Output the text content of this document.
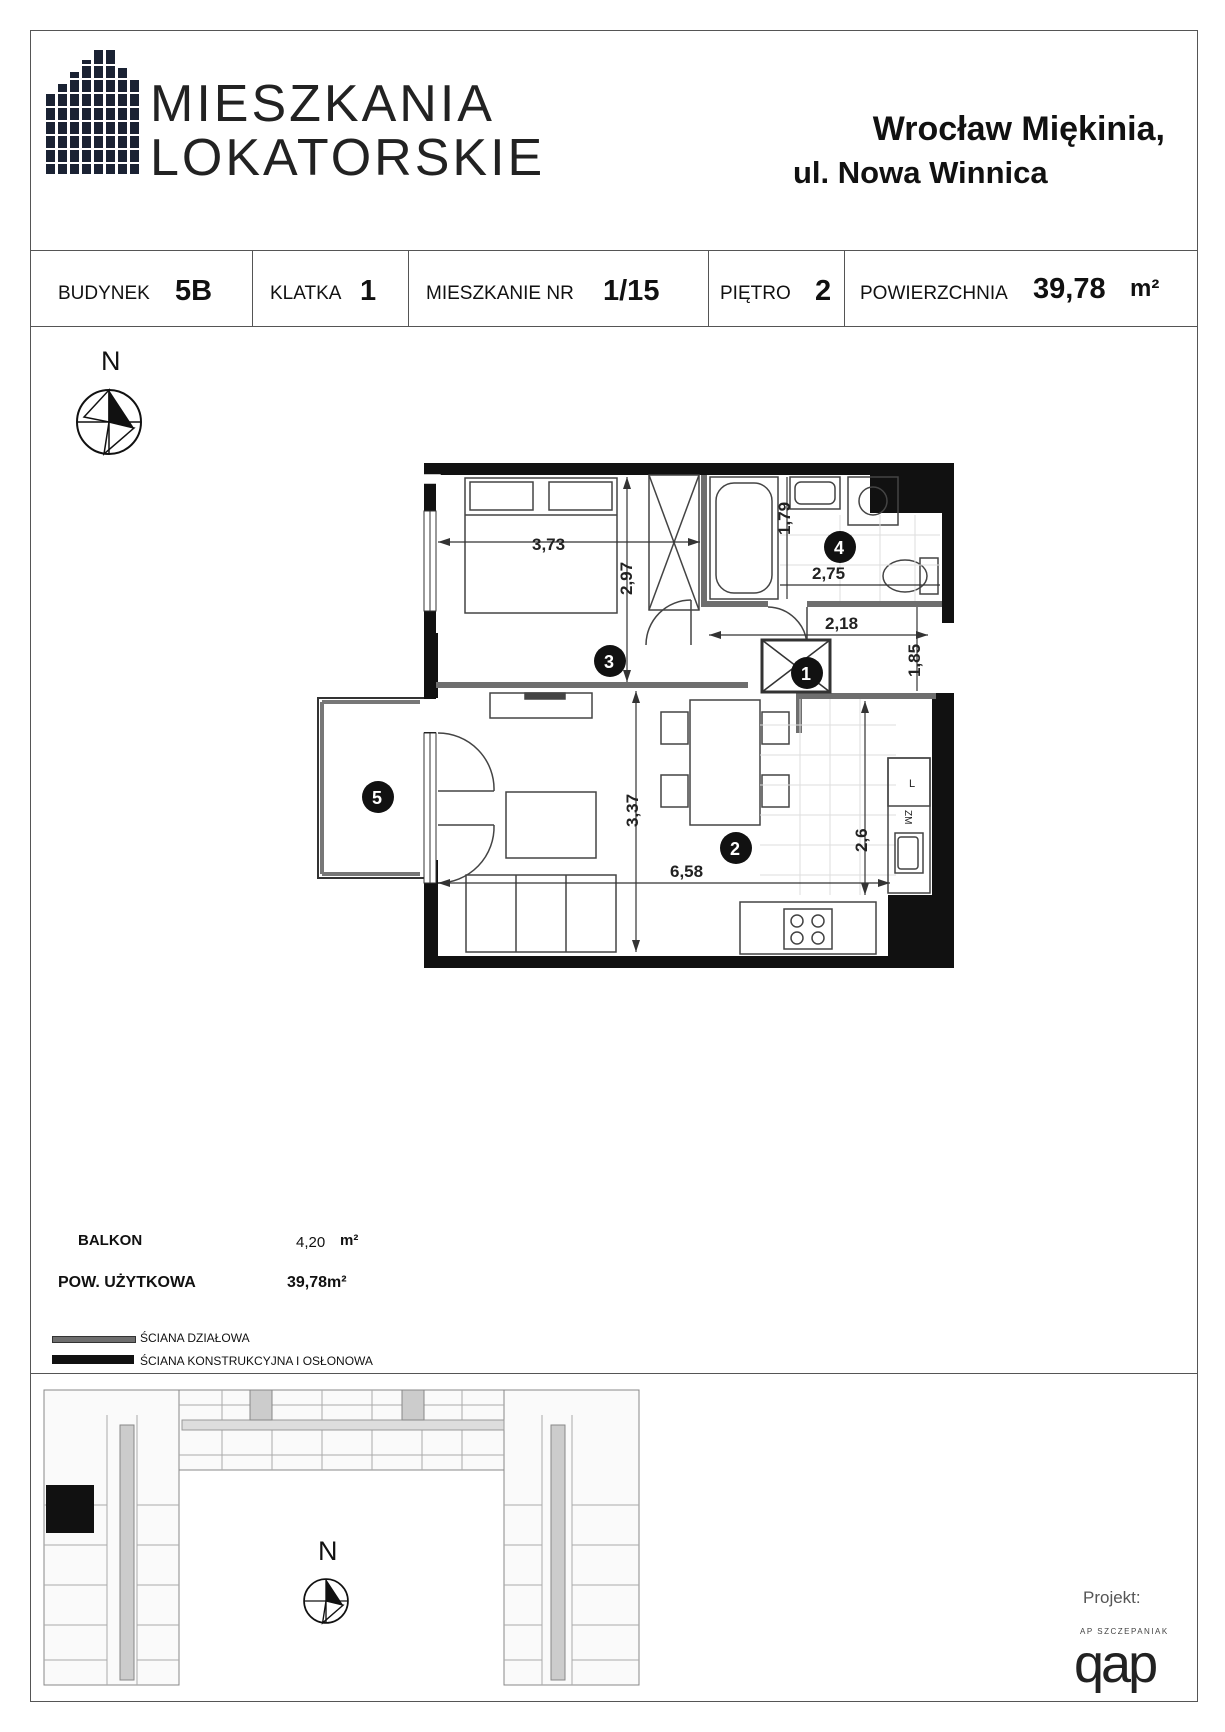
MIESZKANIA
LOKATORSKIE	Wrocław Miękinia,
ul. Nowa Winnica
BUDYNEK 5B	KLATKA 1	MIESZKANIE NR 1/15	PIĘTRO 2 POWIERZCHNIA 39,78 m²
N
L
ZM
3,73
2,97
1,79
2,75
2,18
1,85
6,58
3,37
2,6
1
2
3
4
5
BALKON	4,20 m²
POW. UŻYTKOWA	39,78m²
ŚCIANA DZIAŁOWA
ŚCIANA KONSTRUKCYJNA I OSŁONOWA
N
Projekt:
AP SZCZEPANIAK
qap
